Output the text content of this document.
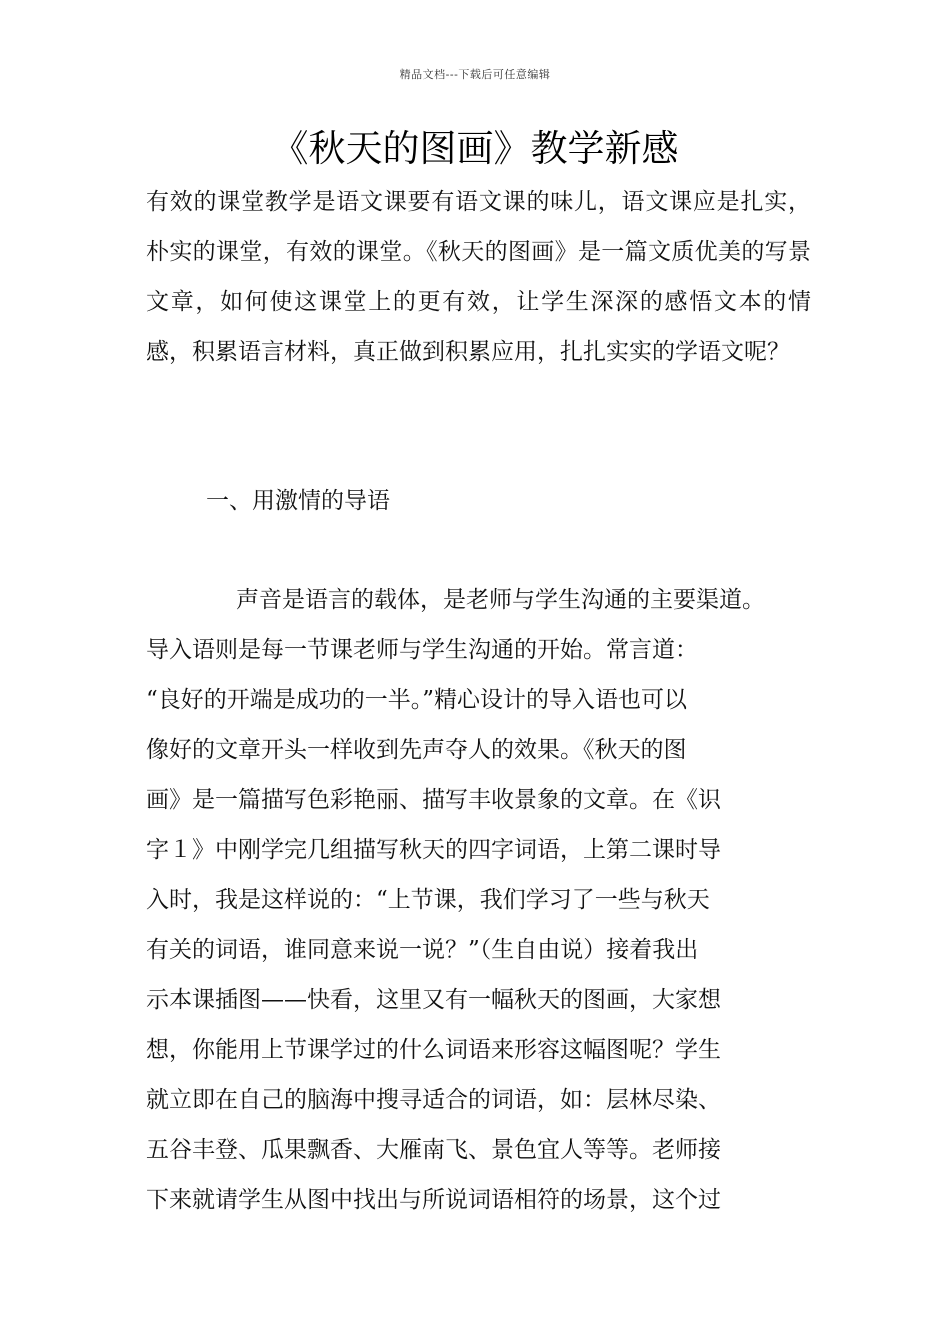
精品文档---下载后可任意编辑
《秋天的图画》教学新感

有效的课堂教学是语文课要有语文课的味儿，语文课应是扎实，朴实的课堂，有效的课堂。《秋天的图画》是一篇文质优美的写景文章，如何使这课堂上的更有效，让学生深深的感悟文本的情感，积累语言材料，真正做到积累应用，扎扎实实的学语文呢？

一、用激情的导语

声音是语言的载体，是老师与学生沟通的主要渠道。
导入语则是每一节课老师与学生沟通的开始。常言道：
“良好的开端是成功的一半。”精心设计的导入语也可以
像好的文章开头一样收到先声夺人的效果。《秋天的图
画》是一篇描写色彩艳丽、描写丰收景象的文章。在《识
字１》中刚学完几组描写秋天的四字词语，上第二课时导
入时，我是这样说的：“上节课，我们学习了一些与秋天
有关的词语，谁同意来说一说？”（生自由说）接着我出
示本课插图——快看，这里又有一幅秋天的图画，大家想
想，你能用上节课学过的什么词语来形容这幅图呢？学生
就立即在自己的脑海中搜寻适合的词语，如：层林尽染、
五谷丰登、瓜果飘香、大雁南飞、景色宜人等等。老师接
下来就请学生从图中找出与所说词语相符的场景，这个过
